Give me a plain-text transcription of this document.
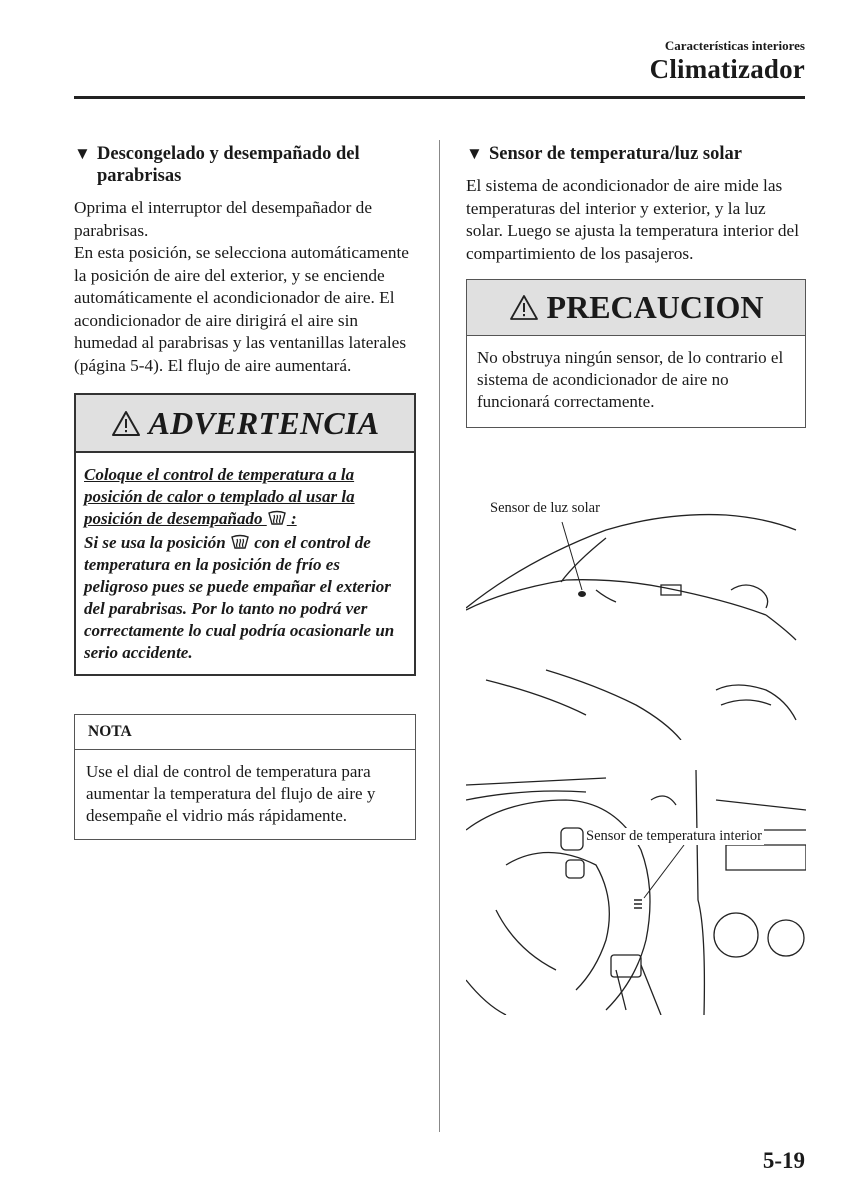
Características interiores
Climatizador
▼ Descongelado y desempañado del parabrisas

Oprima el interruptor del desempañador de parabrisas.

En esta posición, se selecciona automáticamente la posición de aire del exterior, y se enciende automáticamente el acondicionador de aire. El acondicionador de aire dirigirá el aire sin humedad al parabrisas y las ventanillas laterales (página 5-4). El flujo de aire aumentará.

ADVERTENCIA

Coloque el control de temperatura a la posición de calor o templado al usar la posición de desempañado :

Si se usa la posición con el control de temperatura en la posición de frío es peligroso pues se puede empañar el exterior del parabrisas. Por lo tanto no podrá ver correctamente lo cual podría ocasionarle un serio accidente.

NOTA
Use el dial de control de temperatura para aumentar la temperatura del flujo de aire y desempañe el vidrio más rápidamente.
▼ Sensor de temperatura/luz solar

El sistema de acondicionador de aire mide las temperaturas del interior y exterior, y la luz solar. Luego se ajusta la temperatura interior del compartimiento de los pasajeros.

PRECAUCION
No obstruya ningún sensor, de lo contrario el sistema de acondicionador de aire no funcionará correctamente.
Sensor de luz solar
Sensor de temperatura interior
5-19
